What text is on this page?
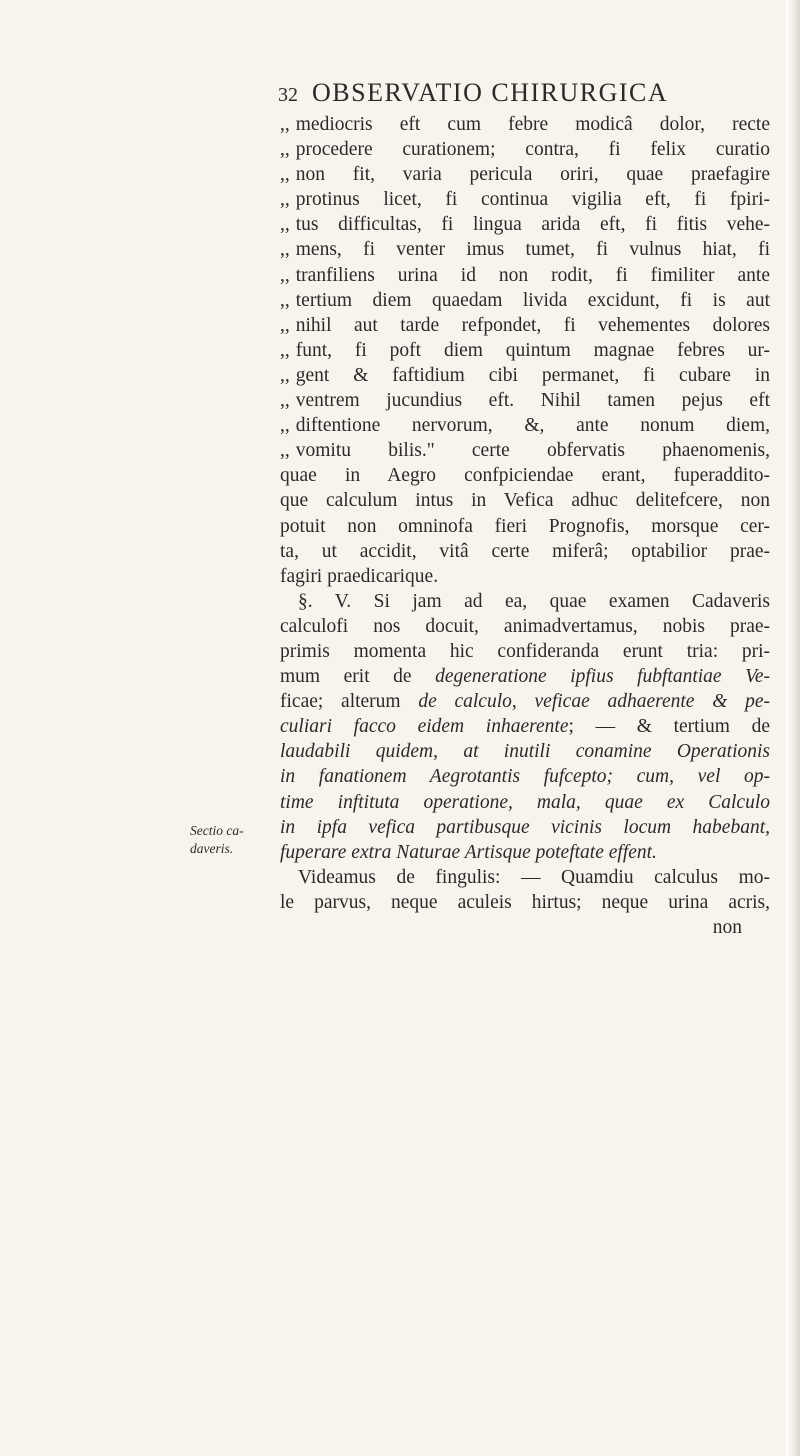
32 OBSERVATIO CHIRURGICA
Sectio ca-
daveris.
,, mediocris eft cum febre modicâ dolor, recte
,, procedere curationem; contra, fi felix curatio
,, non fit, varia pericula oriri, quae praefagire
,, protinus licet, fi continua vigilia eft, fi fpiri-
,, tus difficultas, fi lingua arida eft, fi fitis vehe-
,, mens, fi venter imus tumet, fi vulnus hiat, fi
,, tranfiliens urina id non rodit, fi fimiliter ante
,, tertium diem quaedam livida excidunt, fi is aut
,, nihil aut tarde refpondet, fi vehementes dolores
,, funt, fi poft diem quintum magnae febres ur-
,, gent & faftidium cibi permanet, fi cubare in
,, ventrem jucundius eft. Nihil tamen pejus eft
,, diftentione nervorum, &, ante nonum diem,
,, vomitu bilis." certe obfervatis phaenomenis,
quae in Aegro confpiciendae erant, fuperaddito-
que calculum intus in Vefica adhuc delitefcere, non
potuit non omninofa fieri Prognofis, morsque cer-
ta, ut accidit, vitâ certe miferâ; optabilior prae-
fagiri praedicarique.
§. V. Si jam ad ea, quae examen Cadaveris
calculofi nos docuit, animadvertamus, nobis prae-
primis momenta hic confideranda erunt tria: pri-
mum erit de degeneratione ipfius fubftantiae Ve-
ficae; alterum de calculo, veficae adhaerente & pe-
culiari facco eidem inhaerente; — & tertium de
laudabili quidem, at inutili conamine Operationis
in fanationem Aegrotantis fufcepto; cum, vel op-
time inftituta operatione, mala, quae ex Calculo
in ipfa vefica partibusque vicinis locum habebant,
fuperare extra Naturae Artisque poteftate effent.
Videamus de fingulis: — Quamdiu calculus mo-
le parvus, neque aculeis hirtus; neque urina acris,
non
